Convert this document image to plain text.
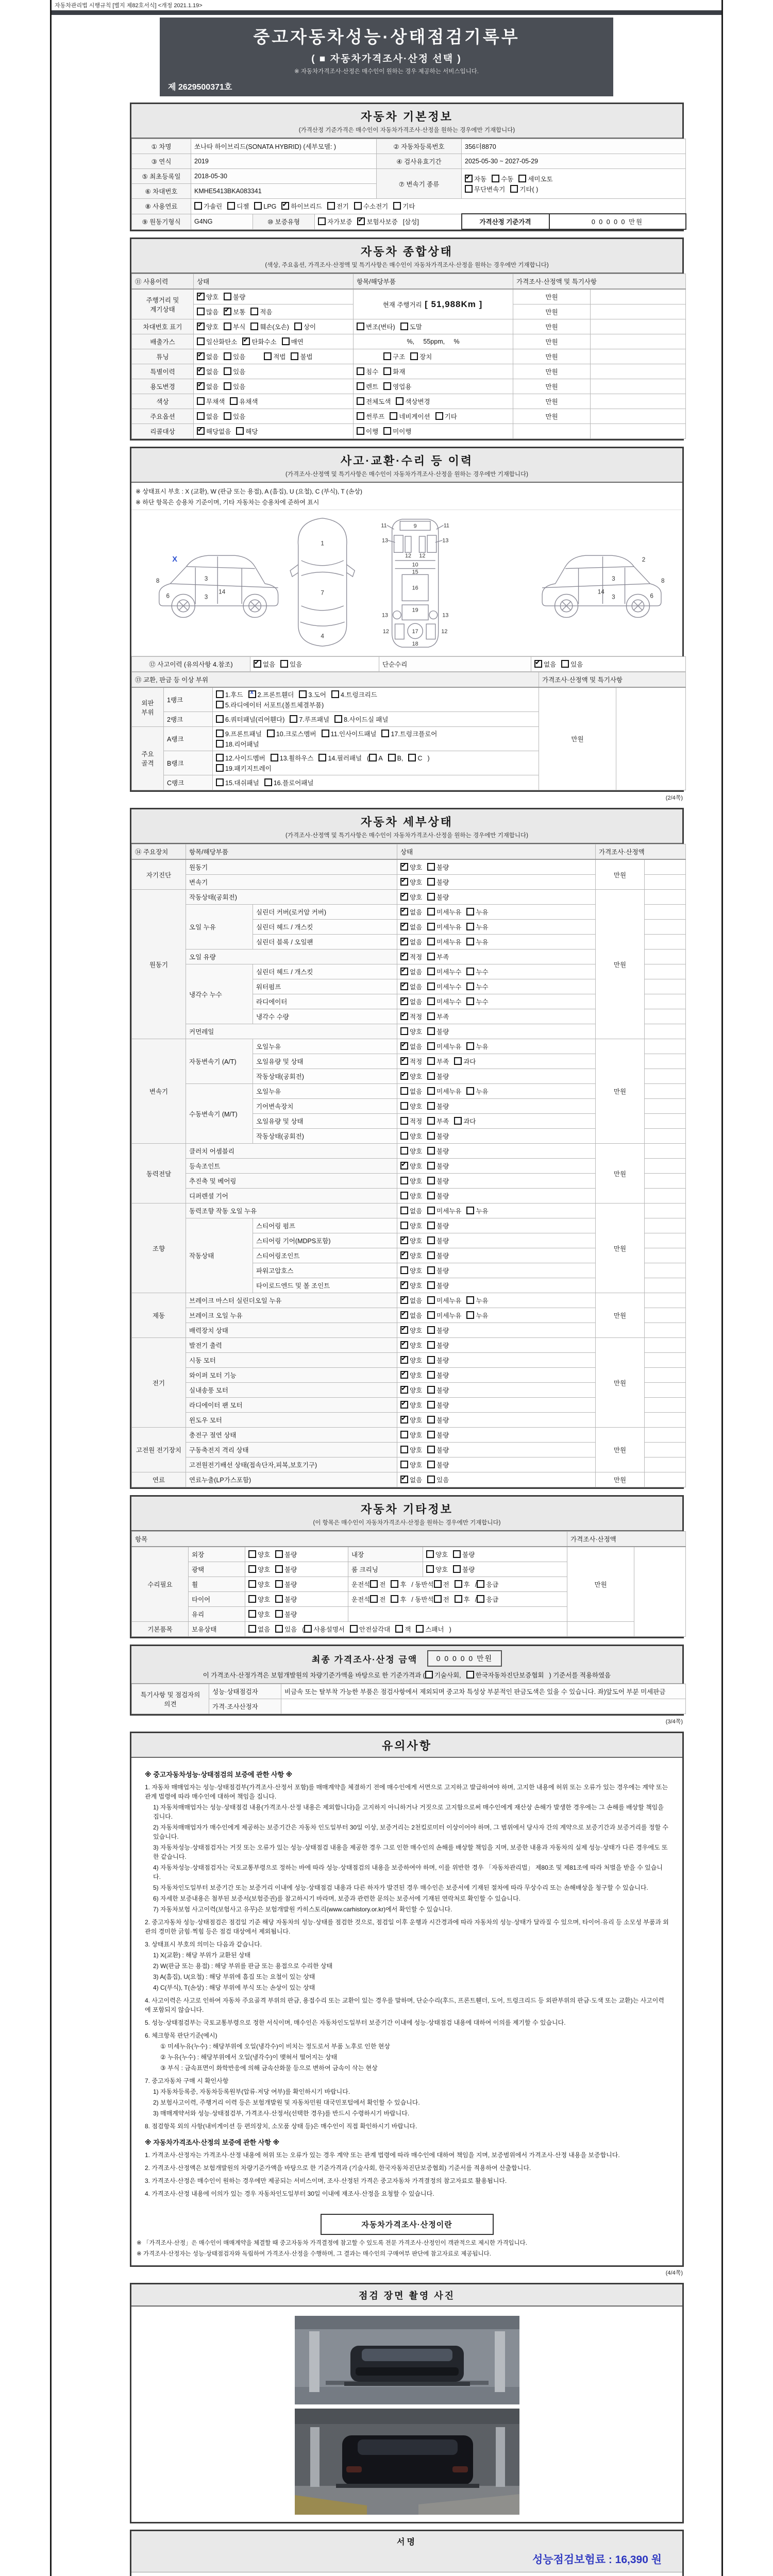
자동차관리법 시행규칙 [별지 제82호서식] <개정 2021.1.19>
중고자동차성능·상태점검기록부
( ■ 자동차가격조사·산정 선택 )
※ 자동차가격조사·산정은 매수인이 원하는 경우 제공하는 서비스입니다.
제 2629500371호
자동차 기본정보
(가격산정 기준가격은 매수인이 자동차가격조사·산정을 원하는 경우에만 기재합니다)
① 차명	쏘나타 하이브리드(SONATA HYBRID) (세부모델: )			② 자동차등록번호	356더8870	
③ 연식	2019			④ 검사유효기간	2025-05-30 ~ 2027-05-29	
⑤ 최초등록일	2018-05-30			⑦ 변속기 종류	✔자동 수동 세미오토
무단변속기 기타( )
⑥ 차대번호	KMHE5413BKA083341					
⑧ 사용연료	가솔린 디젤 LPG ✔ 하이브리드 전기 수소전기 기타
⑨ 원동기형식	G4NG	⑩ 보증유형	자가보증 ✔ 보험사보증 [삼성]		가격산정 기준가격	0 0 0 0 0 만원
자동차 종합상태
(색상, 주요옵션, 가격조사·산정액 및 특기사항은 매수인이 자동차가격조사·산정을 원하는 경우에만 기재합니다)
⑪ 사용이력	상태	항목/해당부품	가격조사·산정액 및 특기사항	
주행거리 및 계기상태	✔양호 불량	현재 주행거리 [ 51,988Km ]	만원	
	많음 ✔ 보통 적음		만원	
차대번호 표기	✔양호 부식 훼손(오손) 상이	변조(변타) 도말	만원	
배출가스	일산화탄소 ✔ 탄화수소 매연	%,     55ppm,     %	만원	
튜닝	✔없음 있음 적법 불법	구조 장치	만원	
특별이력	✔없음 있음	침수 화재	만원	
용도변경	✔없음 있음	렌트 영업용	만원	
색상	무채색 유채색	전체도색 색상변경	만원	
주요옵션	없음 있음	썬루프 네비게이션 기타	만원	
리콜대상	✔해당없음 해당	이행 미이행		
사고·교환·수리 등 이력
(가격조사·산정액 및 특기사항은 매수인이 자동차가격조사·산정을 원하는 경우에만 기재합니다)
※ 상태표시 부호 : X (교환), W (판금 또는 용접), A (흠집), U (요철), C (부식), T (손상)
※ 하단 항목은 승용차 기준이며, 기타 자동차는 승용차에 준하여 표시
8	3
14
3
6
X
1
7
4
9
11	11
13	13
12 12
10
15
16
13	13
19
12	12
17
18
2
8
3
14
3	6
⑫ 사고이력 (유의사항 4.참조)	✔없음 있음	단순수리	✔없음 있음
⑬ 교환, 판금 등 이상 부위			가격조사·산정액 및 특기사항	
외판 부위	1랭크	1.후드 x 2.프론트휀더 3.도어 4.트렁크리드
5.라디에이터 서포트(볼트체결부품)	만원	
	2랭크	6.쿼터패널(리어휀다) 7.루프패널 8.사이드실 패널		
주요 골격	A랭크	9.프론트패널 10.크로스멤버 11.인사이드패널 17.트렁크플로어
18.리어패널		
	B랭크	12.사이드멤버 13.휠하우스 14.필러패널 ( A B, C )
19.패키지트레이		
	C랭크	15.대쉬패널 16.플로어패널		
(2/4쪽)
자동차 세부상태
(가격조사·산정액 및 특기사항은 매수인이 자동차가격조사·산정을 원하는 경우에만 기재합니다)
⑭ 주요장치	항목/해당부품		상태	가격조사·산정액	
자기진단	원동기	✔양호 불량	만원	
	변속기	✔양호 불량	
원동기	작동상태(공회전)	✔양호 불량	만원	
	오일 누유	실린더 커버(로커암 커버)	✔없음 미세누유 누유	
		실린더 헤드 / 개스킷	✔없음 미세누유 누유	
		실린더 블록 / 오일팬	✔없음 미세누유 누유	
	오일 유량	✔적정 부족	
	냉각수 누수	실린더 헤드 / 개스킷	✔없음 미세누수 누수	
		워터펌프	✔없음 미세누수 누수	
		라디에이터	✔없음 미세누수 누수	
		냉각수 수량	✔적정 부족	
	커먼레일		양호 불량		
변속기	자동변속기 (A/T)	오일누유	✔없음 미세누유 누유	만원	
		오일유량 및 상태	✔적정 부족 과다	
		작동상태(공회전)	✔양호 불량	
	수동변속기 (M/T)	오일누유	없음 미세누유 누유		
		기어변속장치	양호 불량		
		오일유량 및 상태	적정 부족 과다		
		작동상태(공회전)	양호 불량		
동력전달	클러치 어셈블리		양호 불량	만원	
	등속조인트	✔양호 불량	
	추진축 및 베어링		양호 불량		
	디퍼렌셜 기어		양호 불량		
조향	동력조향 작동 오일 누유		없음 미세누유 누유	만원	
	작동상태	스티어링 펌프	양호 불량		
		스티어링 기어(MDPS포함)	✔양호 불량	
		스티어링조인트	✔양호 불량	
		파워고압호스	양호 불량		
		타이로드엔드 및 볼 조인트	✔양호 불량	
제동	브레이크 마스터 실린더오일 누유	✔없음 미세누유 누유	만원	
	브레이크 오일 누유	✔없음 미세누유 누유	
	배력장치 상태	✔양호 불량	
전기	발전기 출력	✔양호 불량	만원	
	시동 모터	✔양호 불량	
	와이퍼 모터 기능	✔양호 불량	
	실내송풍 모터	✔양호 불량	
	라디에이터 팬 모터	✔양호 불량	
	윈도우 모터	✔양호 불량	
고전원 전기장치	충전구 절연 상태		양호 불량	만원	
	구동축전지 격리 상태		양호 불량		
	고전원전기배선 상태(접속단자,피복,보호기구)		양호 불량		
연료	연료누출(LP가스포함)	✔없음 있음	만원	
자동차 기타정보
(이 항목은 매수인이 자동차가격조사·산정을 원하는 경우에만 기재합니다)
항목					가격조사·산정액	
수리필요	외장	양호 불량	내장	양호 불량	만원	
	광택	양호 불량	룸 크리닝	양호 불량		
	휠	양호 불량	운전석 전 후 / 동반석 전 후 / 응급			
	타이어	양호 불량	운전석 전 후 / 동반석 전 후 / 응급			
	유리	양호 불량				
기본품목	보유상태	없음 있음 ( 사용설명서 안전삼각대 잭 스패너 )				
최종 가격조사·산정 금액	0 0 0 0 0 만원
이 가격조사·산정가격은 보험개발원의 차량기준가액을 바탕으로 한 기준가격과 ( 기술사회, 한국자동차진단보증협회 ) 기준서를 적용하였음
특기사항 및 점검자의 의견	성능·상태점검자	비금속 또는 탈부착 가능한 부품은 점검사항에서 제외되며 중고차 특성상 부분적인 판금도색은 있을 수 있습니다. 좌)앞도어 부분 미세판금
	가격·조사산정자	
(3/4쪽)
유의사항
※ 중고자동차성능·상태점검의 보증에 관한 사항 ※
1. 자동차 매매업자는 성능·상태점검부(가격조사·산정서 포함)를 매매계약을 체결하기 전에 매수인에게 서면으로 고지하고 발급하여야 하며, 고지한 내용에 허위 또는 오류가 있는 경우에는 계약 또는 관계 법령에 따라 매수인에 대하여 책임을 집니다.
1) 자동차매매업자는 성능·상태점검 내용(가격조사·산정 내용은 제외합니다)을 고지하지 아니하거나 거짓으로 고지함으로써 매수인에게 재산상 손해가 발생한 경우에는 그 손해를 배상할 책임을 집니다.
2) 자동차매매업자가 매수인에게 제공하는 보증기간은 자동차 인도일부터 30일 이상, 보증거리는 2천킬로미터 이상이어야 하며, 그 범위에서 당사자 간의 계약으로 보증기간과 보증거리를 정할 수 있습니다.
3) 자동차성능·상태점검자는 거짓 또는 오류가 있는 성능·상태점검 내용을 제공한 경우 그로 인한 매수인의 손해를 배상할 책임을 지며, 보증한 내용과 자동차의 실제 성능·상태가 다른 경우에도 또한 같습니다.
4) 자동차성능·상태점검자는 국토교통부령으로 정하는 바에 따라 성능·상태점검의 내용을 보증하여야 하며, 이를 위반한 경우 「자동차관리법」 제80조 및 제81조에 따라 처벌을 받을 수 있습니다.
5) 자동차인도일부터 보증기간 또는 보증거리 이내에 성능·상태점검 내용과 다른 하자가 발견된 경우 매수인은 보증서에 기재된 절차에 따라 무상수리 또는 손해배상을 청구할 수 있습니다.
6) 자세한 보증내용은 첨부된 보증서(보험증권)를 참고하시기 바라며, 보증과 관련한 문의는 보증서에 기재된 연락처로 확인할 수 있습니다.
7) 자동차보험 사고이력(보험사고 유무)은 보험개발원 카히스토리(www.carhistory.or.kr)에서 확인할 수 있습니다.
2. 중고자동차 성능·상태점검은 점검일 기준 해당 자동차의 성능·상태를 점검한 것으로, 점검일 이후 운행과 시간경과에 따라 자동차의 성능·상태가 달라질 수 있으며, 타이어·유리 등 소모성 부품과 외관의 경미한 긁힘·찍힘 등은 점검 대상에서 제외됩니다.
3. 상태표시 부호의 의미는 다음과 같습니다.
1) X(교환) : 해당 부위가 교환된 상태
2) W(판금 또는 용접) : 해당 부위를 판금 또는 용접으로 수리한 상태
3) A(흠집), U(요철) : 해당 부위에 흠집 또는 요철이 있는 상태
4) C(부식), T(손상) : 해당 부위에 부식 또는 손상이 있는 상태
4. 사고이력은 사고로 인하여 자동차 주요골격 부위의 판금, 용접수리 또는 교환이 있는 경우를 말하며, 단순수리(후드, 프론트휀더, 도어, 트렁크리드 등 외판부위의 판금·도색 또는 교환)는 사고이력에 포함되지 않습니다.
5. 성능·상태점검부는 국토교통부령으로 정한 서식이며, 매수인은 자동차인도일부터 보증기간 이내에 성능·상태점검 내용에 대하여 이의를 제기할 수 있습니다.
6. 체크항목 판단기준(예시)
① 미세누유(누수) : 해당부위에 오일(냉각수)이 비치는 정도로서 부품 노후로 인한 현상
② 누유(누수) : 해당부위에서 오일(냉각수)이 맺혀서 떨어지는 상태
③ 부식 : 금속표면이 화학반응에 의해 금속산화물 등으로 변하여 금속이 삭는 현상
7. 중고자동차 구매 시 확인사항
1) 자동차등록증, 자동차등록원부(압류·저당 여부)를 확인하시기 바랍니다.
2) 보험사고이력, 주행거리 이력 등은 보험개발원 및 자동차민원 대국민포털에서 확인할 수 있습니다.
3) 매매계약서와 성능·상태점검부, 가격조사·산정서(선택한 경우)를 반드시 수령하시기 바랍니다.
8. 점검항목 외의 사항(내비게이션 등 편의장치, 소모품 상태 등)은 매수인이 직접 확인하시기 바랍니다.
※ 자동차가격조사·산정의 보증에 관한 사항 ※
1. 가격조사·산정자는 가격조사·산정 내용에 허위 또는 오류가 있는 경우 계약 또는 관계 법령에 따라 매수인에 대하여 책임을 지며, 보증범위에서 가격조사·산정 내용을 보증합니다.
2. 가격조사·산정액은 보험개발원의 차량기준가액을 바탕으로 한 기준가격과 (기술사회, 한국자동차진단보증협회) 기준서를 적용하여 산출합니다.
3. 가격조사·산정은 매수인이 원하는 경우에만 제공되는 서비스이며, 조사·산정된 가격은 중고자동차 가격결정의 참고자료로 활용됩니다.
4. 가격조사·산정 내용에 이의가 있는 경우 자동차인도일부터 30일 이내에 재조사·산정을 요청할 수 있습니다.
자동차가격조사·산정이란
※ 「가격조사·산정」은 매수인이 매매계약을 체결할 때 중고자동차 가격결정에 참고할 수 있도록 전문 가격조사·산정인이 객관적으로 제시한 가격입니다.
※ 가격조사·산정자는 성능·상태점검자와 독립하여 가격조사·산정을 수행하며, 그 결과는 매수인의 구매여부 판단에 참고자료로 제공됩니다.
(4/4쪽)
점검 장면 촬영 사진
서명
성능점검보험료 : 16,390 원
